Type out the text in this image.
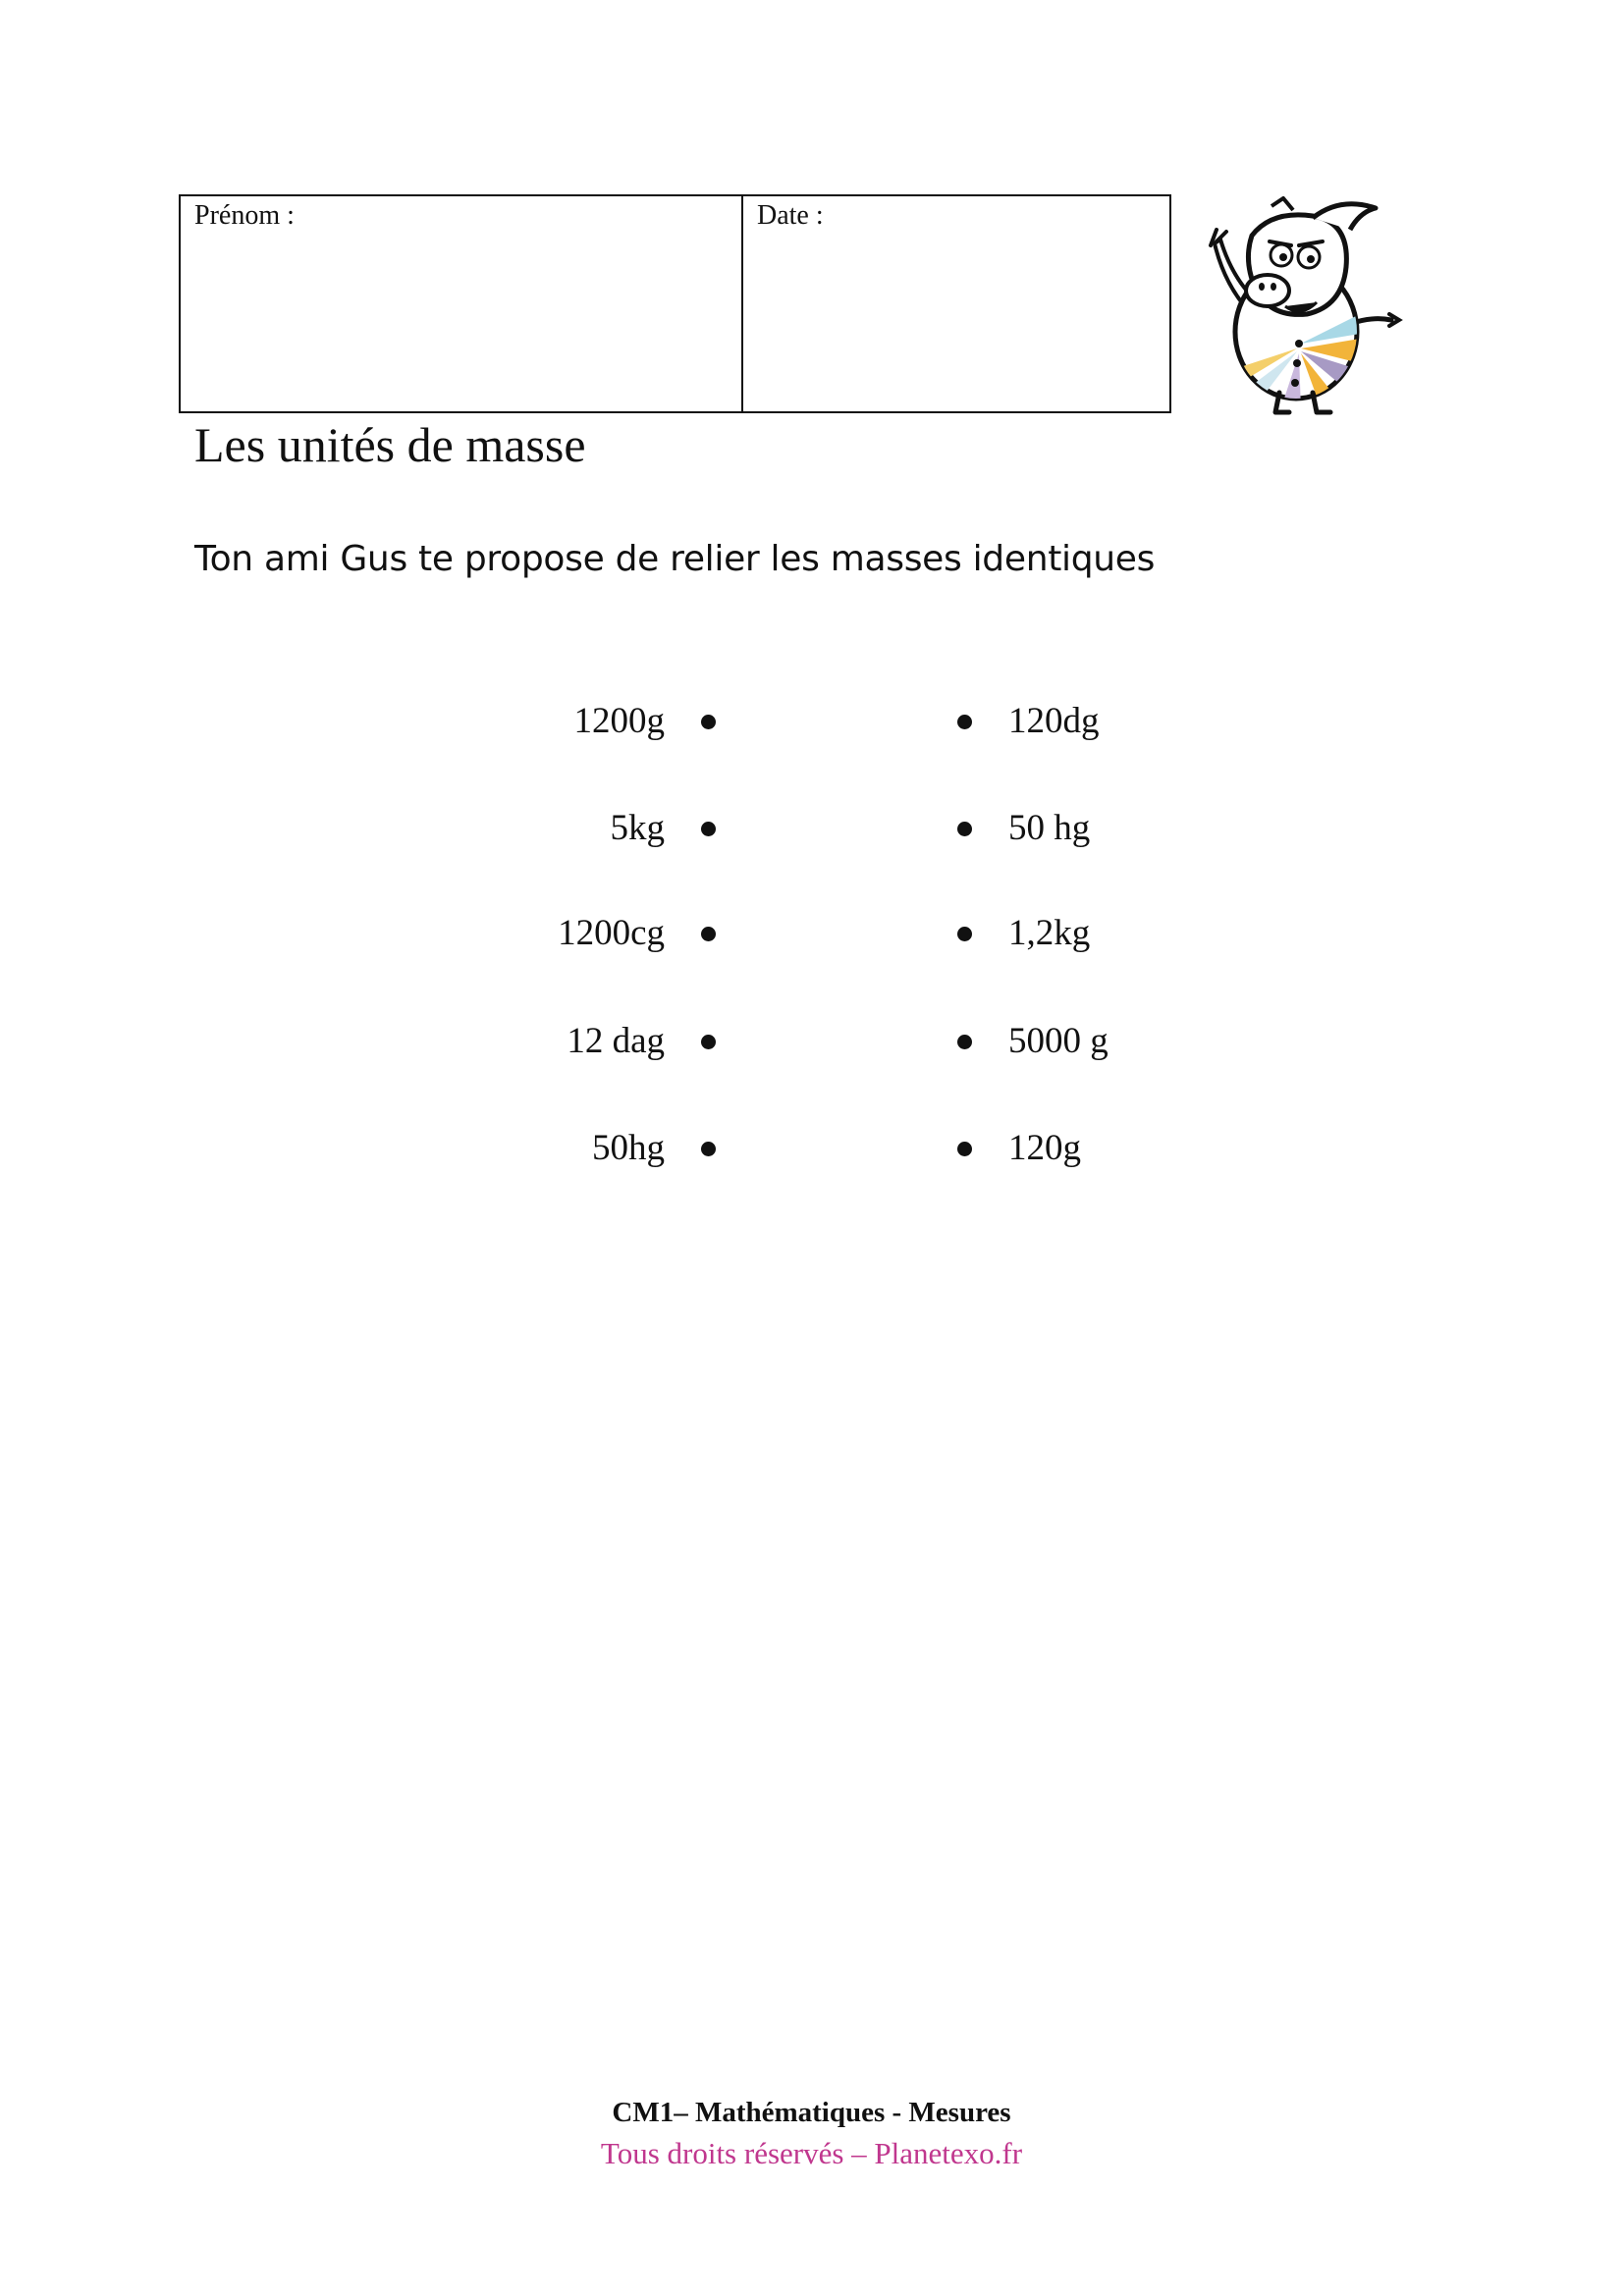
Prénom :	Date :
Les unités de masse
Ton ami Gus te propose de relier les masses identiques
1200g	120dg
5kg	50 hg
1200cg	1,2kg
12 dag	5000 g
50hg	120g
CM1– Mathématiques - Mesures
Tous droits réservés – Planetexo.fr
